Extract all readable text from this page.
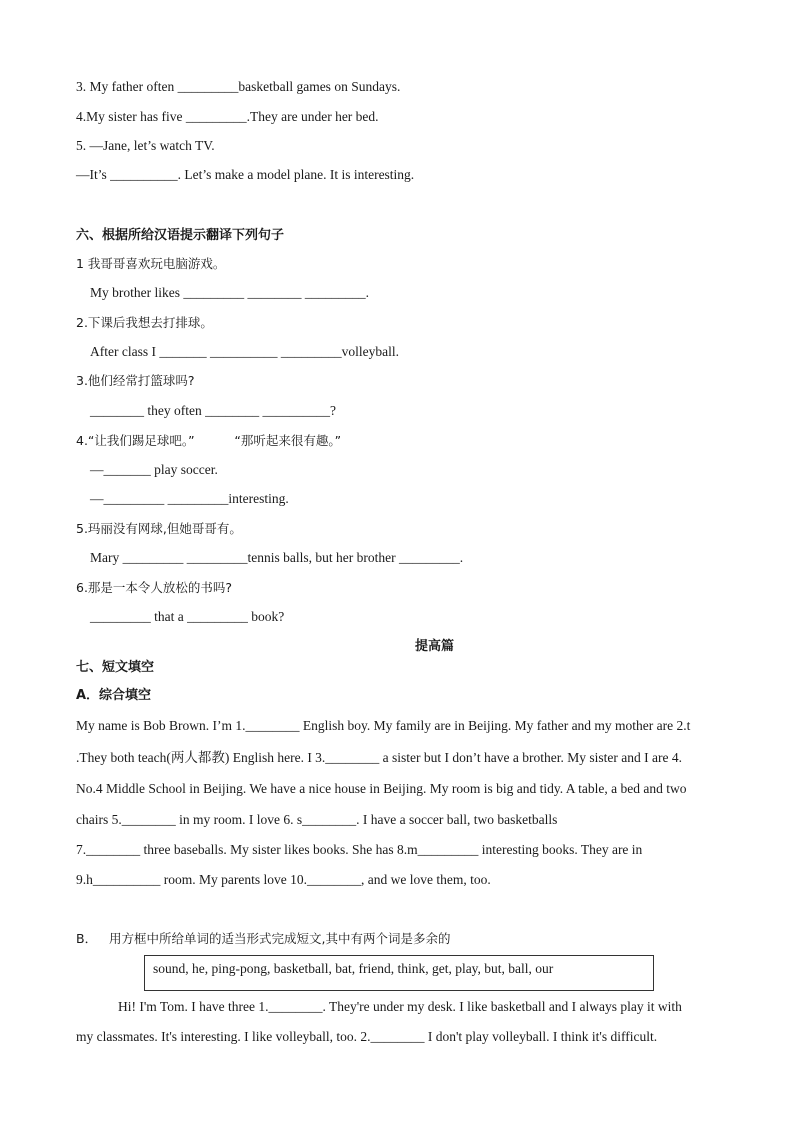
3. My father often _________basketball games on Sundays.
4.My sister has five _________.They are under her bed.
5. —Jane, let’s watch TV.
—It’s __________. Let’s make a model plane. It is interesting.
六、根据所给汉语提示翻译下列句子
1 我哥哥喜欢玩电脑游戏。
My brother likes _________ ________ _________.
2.下课后我想去打排球。
After class I _______ __________ _________volleyball.
3.他们经常打篮球吗?
________ they often ________ __________?
4.“让我们踢足球吧。”          “那听起来很有趣。”
—_______ play soccer.
—_________ _________interesting.
5.玛丽没有网球,但她哥哥有。
Mary _________ _________tennis balls, but her brother _________.
6.那是一本令人放松的书吗?
_________ that a _________ book?
提高篇
七、短文填空
A．综合填空
My name is Bob Brown. I’m 1.________ English boy. My family are in Beijing. My father and my mother are 2.t
.They both teach(两人都教) English here. I 3.________ a sister but I don’t have a brother. My sister and I are 4.
No.4 Middle School in Beijing. We have a nice house in Beijing. My room is big and tidy. A table, a bed and two
chairs 5.________ in my room. I love 6. s________. I have a soccer ball, two basketballs
7.________ three baseballs. My sister likes books. She has 8.m_________ interesting books. They are in
9.h__________ room. My parents love 10.________, and we love them, too.
B．   用方框中所给单词的适当形式完成短文,其中有两个词是多余的
sound, he, ping-pong, basketball, bat, friend, think, get, play, but, ball, our
Hi! I'm Tom. I have three 1.________. They're under my desk. I like basketball and I always play it with
my classmates. It's interesting. I like volleyball, too. 2.________ I don't play volleyball. I think it's difficult.
